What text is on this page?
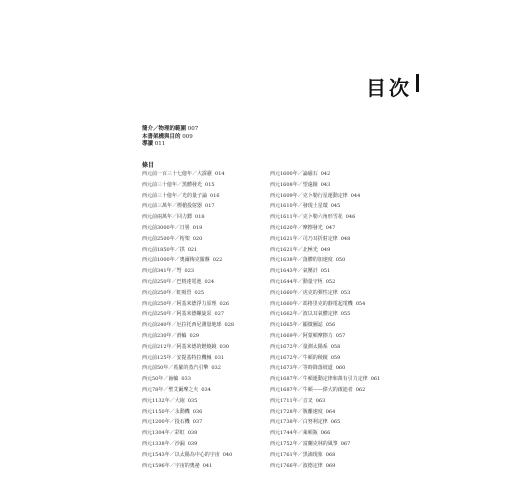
目次
簡介／物理的範圍 007
本書架構與目的 009
導讀 011
條目
西元前一百三十七億年／大霹靂 014
西元前三十億年／黑體發光 015
西元前三十億年／光的量子論 016
西元前三萬年／標槍投射器 017
西元前兩萬年／回力鏢 018
西元前3000年／日晷 019
西元前2500年／桁架 020
西元前1850年／拱 021
西元前1000年／奧爾梅克羅盤 022
西元前341年／弩 023
西元前250年／巴格達電池 024
西元前250年／虹吸管 025
西元前250年／阿基米德浮力原理 026
西元前250年／阿基米德螺旋泵 027
西元前240年／厄拉托西尼測量地球 028
西元前230年／滑輪 029
西元前212年／阿基米德的燃燒鏡 030
西元前125年／安提基特拉機械 031
西元前50年／希羅的蒸汽引擎 032
西元50年／齒輪 033
西元78年／聖艾爾摩之火 034
西元1132年／大砲 035
西元1150年／永動機 036
西元1200年／投石機 037
西元1304年／彩虹 038
西元1338年／沙漏 039
西元1543年／以太陽為中心的宇宙 040
西元1596年／宇宙的奧祕 041
西元1600年／論磁石 042
西元1608年／望遠鏡 043
西元1609年／克卜勒行星運動定律 044
西元1610年／發現土星環 045
西元1611年／克卜勒六角形雪花 046
西元1620年／摩擦發光 047
西元1621年／司乃耳折射定律 048
西元1621年／北極光 049
西元1638年／落體的加速度 050
西元1643年／氣壓計 051
西元1644年／動量守恆 052
西元1660年／虎克的彈性定律 053
西元1660年／馮格里克的靜電起電機 054
西元1662年／波以耳氣體定律 055
西元1665年／顯微圖誌 056
西元1669年／阿蒙頓摩擦力 057
西元1672年／量測太陽系 058
西元1672年／牛頓的稜鏡 059
西元1673年／等時降落坡道 060
西元1687年／牛頓運動定律和萬有引力定律 061
西元1687年／牛頓——偉大的啟迪者 062
西元1711年／音叉 063
西元1728年／脫離速度 064
西元1738年／白努利定律 065
西元1744年／萊頓瓶 066
西元1752年／富蘭克林的風箏 067
西元1761年／黑滴現象 068
西元1766年／波德定律 069
